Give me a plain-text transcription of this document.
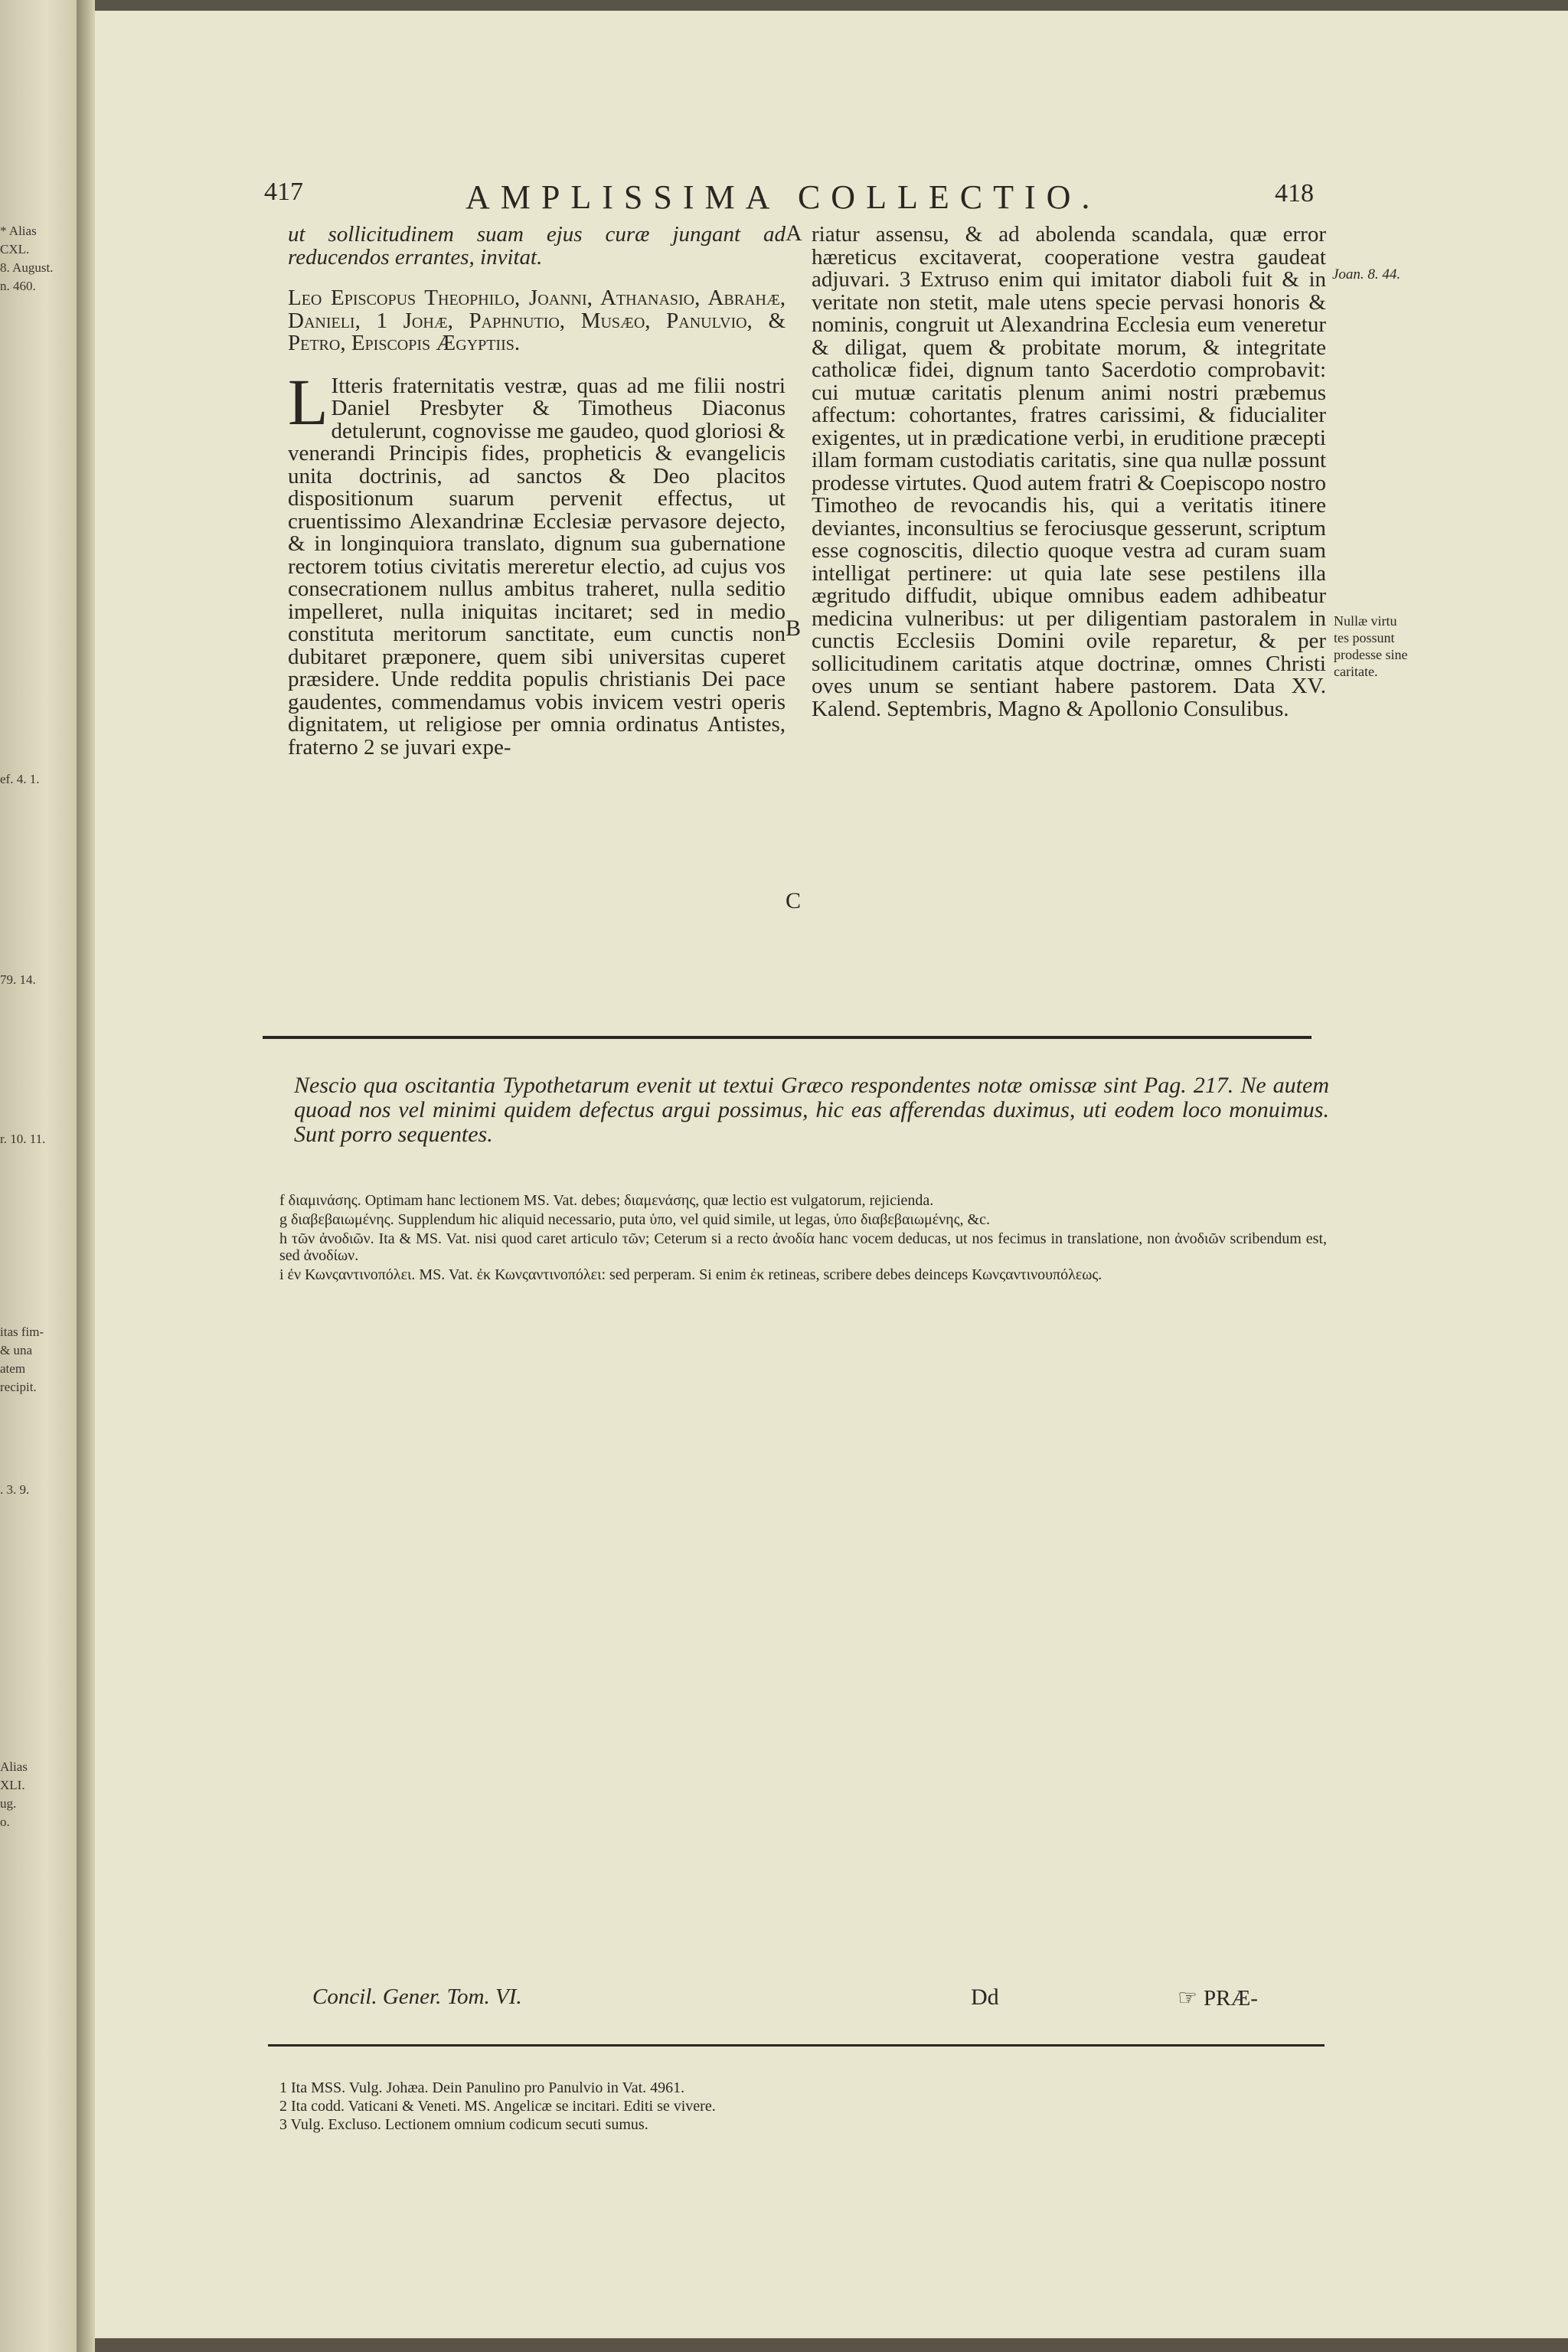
* Alias
CXL.
8. August.
n. 460.
ef. 4. 1.
79. 14.
r. 10. 11.
itas fim-
& una
atem
recipit.
. 3. 9.
Alias
XLI.
ug.
o.
417	AMPLISSIMA COLLECTIO.	418

ut sollicitudinem suam ejus curæ jungant ad reducendos errantes, invitat.

Leo Episcopus Theophilo, Joanni, Athanasio, Abrahæ, Danieli, 1 Johæ, Paphnutio, Musæo, Panulvio, & Petro, Episcopis Ægyptiis.

L Itteris fraternitatis vestræ, quas ad me filii nostri Daniel Presbyter & Timotheus Diaconus detulerunt, cognovisse me gaudeo, quod gloriosi & venerandi Principis fides, propheticis & evangelicis unita doctrinis, ad sanctos & Deo placitos dispositionum suarum pervenit effectus, ut cruentissimo Alexandrinæ Ecclesiæ pervasore dejecto, & in longinquiora translato, dignum sua gubernatione rectorem totius civitatis mereretur electio, ad cujus vos consecrationem nullus ambitus traheret, nulla seditio impelleret, nulla iniquitas incitaret; sed in medio constituta meritorum sanctitate, eum cunctis non dubitaret præponere, quem sibi universitas cuperet præsidere. Unde reddita populis christianis Dei pace gaudentes, commendamus vobis invicem vestri operis dignitatem, ut religiose per omnia ordinatus Antistes, fraterno 2 se juvari expe-

A
B
C

riatur assensu, & ad abolenda scandala, quæ error hæreticus excitaverat, cooperatione vestra gaudeat adjuvari. 3 Extruso enim qui imitator diaboli fuit & in veritate non stetit, male utens specie pervasi honoris & nominis, congruit ut Alexandrina Ecclesia eum veneretur & diligat, quem & probitate morum, & integritate catholicæ fidei, dignum tanto Sacerdotio comprobavit: cui mutuæ caritatis plenum animi nostri præbemus affectum: cohortantes, fratres carissimi, & fiducialiter exigentes, ut in prædicatione verbi, in eruditione præcepti illam formam custodiatis caritatis, sine qua nullæ possunt prodesse virtutes. Quod autem fratri & Coepiscopo nostro Timotheo de revocandis his, qui a veritatis itinere deviantes, inconsultius se ferociusque gesserunt, scriptum esse cognoscitis, dilectio quoque vestra ad curam suam intelligat pertinere: ut quia late sese pestilens illa ægritudo diffudit, ubique omnibus eadem adhibeatur medicina vulneribus: ut per diligentiam pastoralem in cunctis Ecclesiis Domini ovile reparetur, & per sollicitudinem caritatis atque doctrinæ, omnes Christi oves unum se sentiant habere pastorem. Data XV. Kalend. Septembris, Magno & Apollonio Consulibus.

Joan. 8. 44.
Nullæ virtu
tes possunt
prodesse sine
caritate.

Nescio qua oscitantia Typothetarum evenit ut textui Græco respondentes notæ omissæ sint Pag. 217. Ne autem quoad nos vel minimi quidem defectus argui possimus, hic eas afferendas duximus, uti eodem loco monuimus. Sunt porro sequentes.

f διαμινάσης. Optimam hanc lectionem MS. Vat. debes; διαμενάσης, quæ lectio est vulgatorum, rejicienda.

g διαβεβαιωμένης. Supplendum hic aliquid necessario, puta ὑπο, vel quid simile, ut legas, ὑπο διαβεβαιωμένης, &c.

h τῶν ἀνοδιῶν. Ita & MS. Vat. nisi quod caret articulo τῶν; Ceterum si a recto ἀνοδία hanc vocem deducas, ut nos fecimus in translatione, non ἀνοδιῶν scribendum est, sed ἀνοδίων.

i ἐν Κωνςαντινοπόλει. MS. Vat. ἐκ Κωνςαντινοπόλει: sed perperam. Si enim ἐκ retineas, scribere debes deinceps Κωνςαντινουπόλεως.

Concil. Gener. Tom. VI.	Dd	☞ PRÆ-

1 Ita MSS. Vulg. Johæa. Dein Panulino pro Panulvio in Vat. 4961.

2 Ita codd. Vaticani & Veneti. MS. Angelicæ se incitari. Editi se vivere.

3 Vulg. Excluso. Lectionem omnium codicum secuti sumus.
